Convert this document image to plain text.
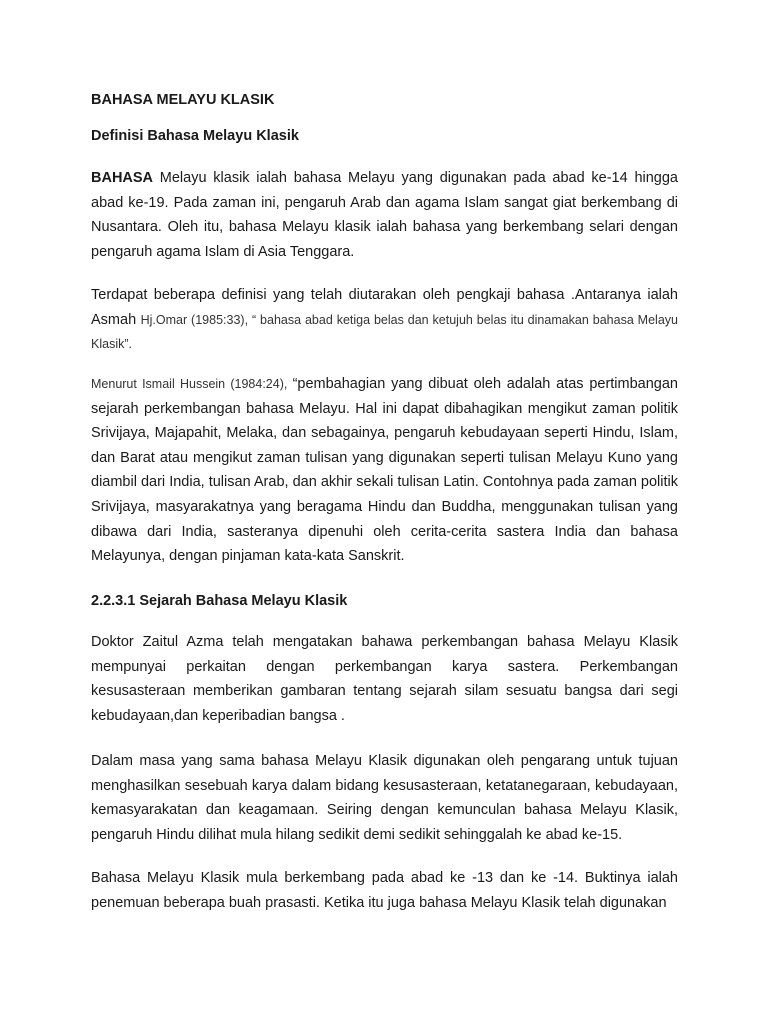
BAHASA MELAYU KLASIK
Definisi Bahasa Melayu Klasik

BAHASA Melayu klasik ialah bahasa Melayu yang digunakan pada abad ke-14 hingga abad ke-19. Pada zaman ini, pengaruh Arab dan agama Islam sangat giat berkembang di Nusantara. Oleh itu, bahasa Melayu klasik ialah bahasa yang berkembang selari dengan pengaruh agama Islam di Asia Tenggara.

Terdapat beberapa definisi yang telah diutarakan oleh pengkaji bahasa .Antaranya ialah Asmah Hj.Omar (1985:33), “ bahasa abad ketiga belas dan ketujuh belas itu dinamakan bahasa Melayu Klasik”.

Menurut Ismail Hussein (1984:24), “pembahagian yang dibuat oleh adalah atas pertimbangan sejarah perkembangan bahasa Melayu. Hal ini dapat dibahagikan mengikut zaman politik Srivijaya, Majapahit, Melaka, dan sebagainya, pengaruh kebudayaan seperti Hindu, Islam, dan Barat atau mengikut zaman tulisan yang digunakan seperti tulisan Melayu Kuno yang diambil dari India, tulisan Arab, dan akhir sekali tulisan Latin. Contohnya pada zaman politik Srivijaya, masyarakatnya yang beragama Hindu dan Buddha, menggunakan tulisan yang dibawa dari India, sasteranya dipenuhi oleh cerita-cerita sastera India dan bahasa Melayunya, dengan pinjaman kata-kata Sanskrit.

2.2.3.1 Sejarah Bahasa Melayu Klasik

Doktor Zaitul Azma telah mengatakan bahawa perkembangan bahasa Melayu Klasik mempunyai perkaitan dengan perkembangan karya sastera. Perkembangan kesusasteraan memberikan gambaran tentang sejarah silam sesuatu bangsa dari segi kebudayaan,dan keperibadian bangsa .

Dalam masa yang sama bahasa Melayu Klasik digunakan oleh pengarang untuk tujuan menghasilkan sesebuah karya dalam bidang kesusasteraan, ketatanegaraan, kebudayaan, kemasyarakatan dan keagamaan. Seiring dengan kemunculan bahasa Melayu Klasik, pengaruh Hindu dilihat mula hilang sedikit demi sedikit sehinggalah ke abad ke-15.

Bahasa Melayu Klasik mula berkembang pada abad ke -13 dan ke -14. Buktinya ialah penemuan beberapa buah prasasti. Ketika itu juga bahasa Melayu Klasik telah digunakan
